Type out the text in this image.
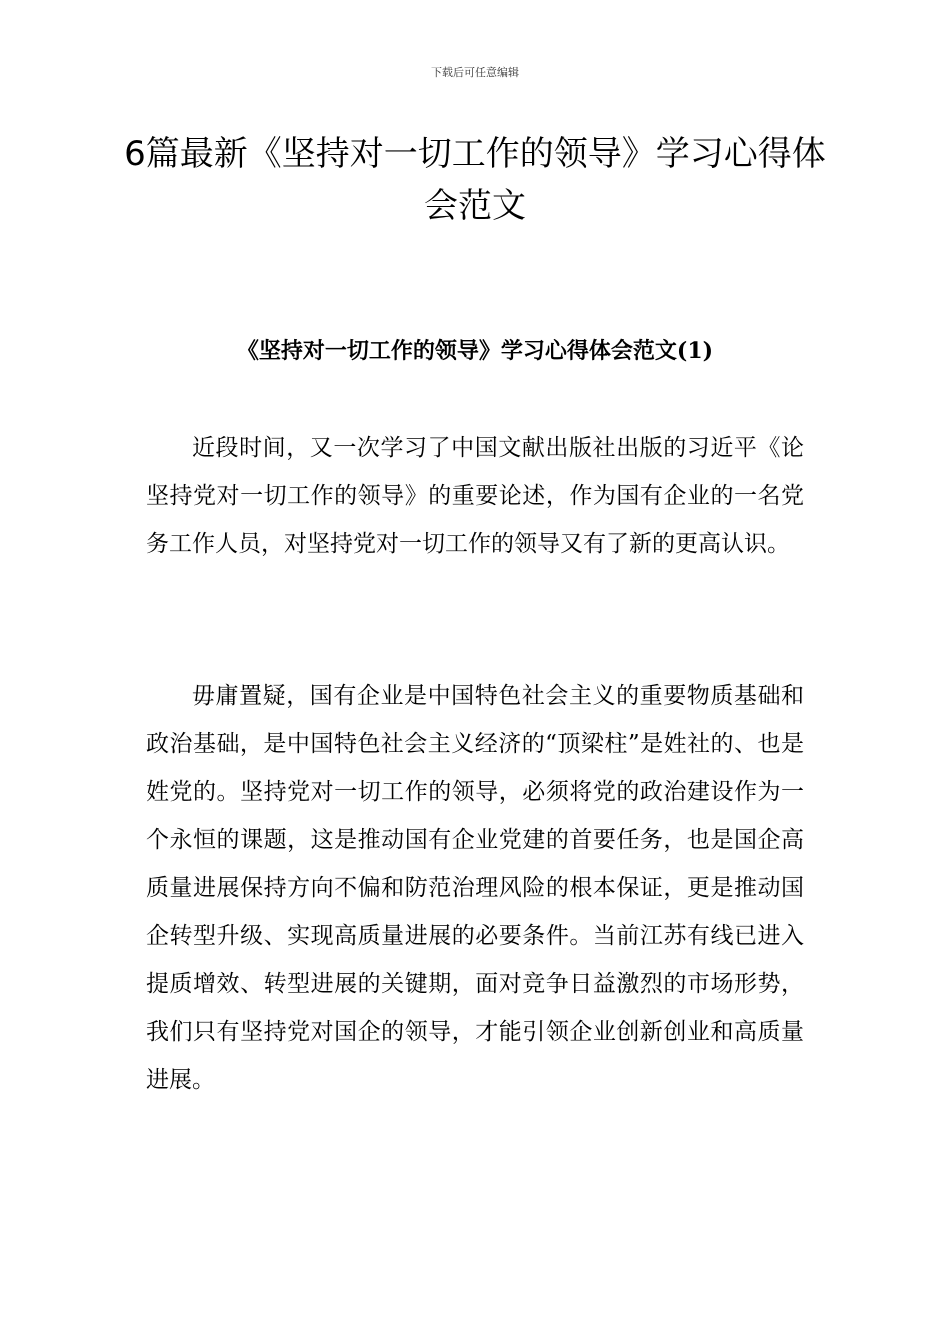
下载后可任意编辑
6篇最新《坚持对一切工作的领导》学习心得体会范文
《坚持对一切工作的领导》学习心得体会范文(1)

近段时间，又一次学习了中国文献出版社出版的习近平《论坚持党对一切工作的领导》的重要论述，作为国有企业的一名党务工作人员，对坚持党对一切工作的领导又有了新的更高认识。

毋庸置疑，国有企业是中国特色社会主义的重要物质基础和政治基础，是中国特色社会主义经济的“顶梁柱”是姓社的、也是姓党的。坚持党对一切工作的领导，必须将党的政治建设作为一个永恒的课题，这是推动国有企业党建的首要任务，也是国企高质量进展保持方向不偏和防范治理风险的根本保证，更是推动国企转型升级、实现高质量进展的必要条件。当前江苏有线已进入提质增效、转型进展的关键期，面对竞争日益激烈的市场形势，我们只有坚持党对国企的领导，才能引领企业创新创业和高质量进展。
